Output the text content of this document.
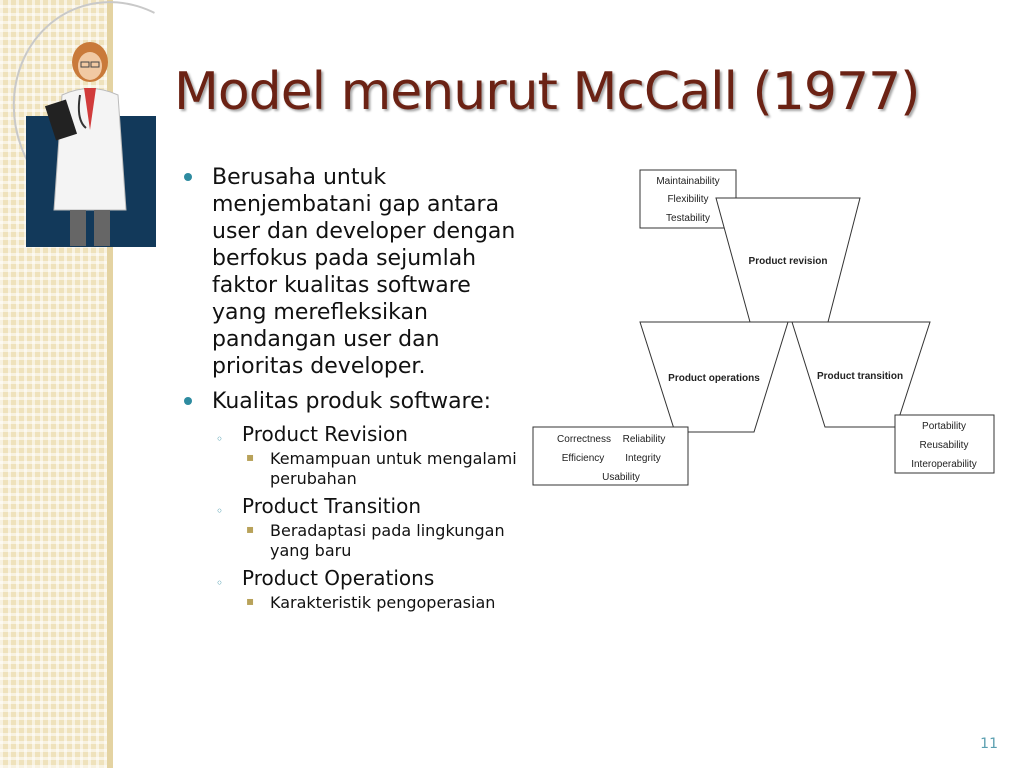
Model menurut McCall (1977)
Berusaha untuk menjembatani gap antara user dan developer dengan berfokus pada sejumlah faktor kualitas software yang merefleksikan pandangan user dan prioritas developer.
Kualitas produk software:
◦ Product Revision
▪ Kemampuan untuk mengalami perubahan
◦ Product Transition
▪ Beradaptasi pada lingkungan yang baru
◦ Product Operations
▪ Karakteristik pengoperasian
Maintainability
Flexibility
Testability
Product revision
Product operations	Product transition
Correctness Reliability
Efficiency Integrity
Usability
Portability
Reusability
Interoperability
11
